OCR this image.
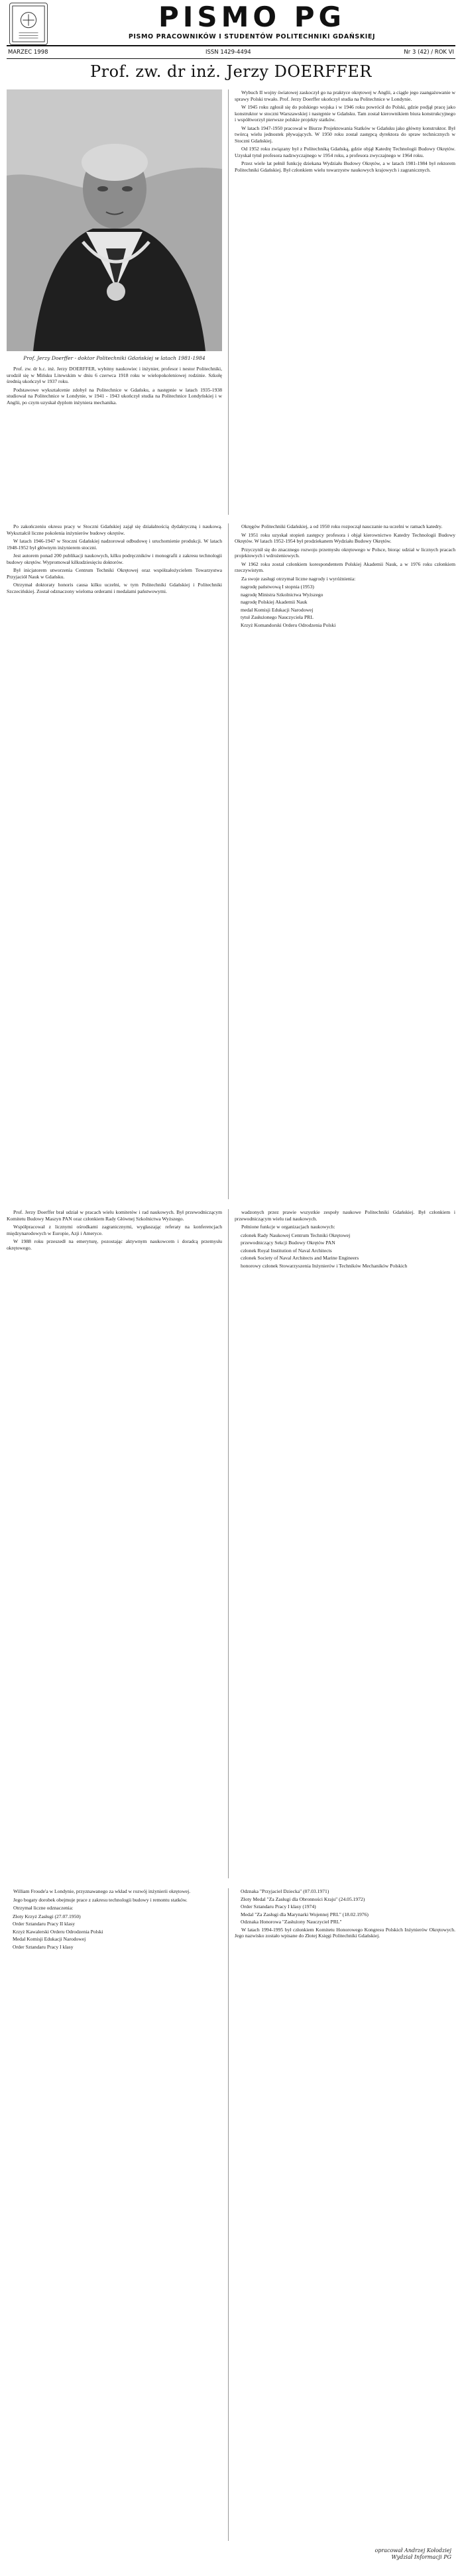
PISMO PG
PISMO PRACOWNIKÓW I STUDENTÓW POLITECHNIKI GDAŃSKIEJ
MARZEC 1998	ISSN 1429-4494	Nr 3 (42) / ROK VI
Prof. zw. dr inż. Jerzy DOERFFER
Prof. Jerzy Doerffer - doktor Politechniki Gdańskiej w latach 1981-1984

Prof. zw. dr h.c. inż. Jerzy DOERFFER, wybitny naukowiec i inżynier, profesor i nestor Politechniki, urodził się w Mińsku Litewskim w dniu 6 czerwca 1918 roku w wielopokoleniowej rodzinie. Szkołę średnią ukończył w 1937 roku.

Podstawowe wykształcenie zdobył na Politechnice w Gdańsku, a następnie w latach 1935-1938 studiował na Politechnice w Londynie, w 1941 - 1943 ukończył studia na Politechnice Londyńskiej i w Anglii, po czym uzyskał dyplom inżyniera mechanika.

Wybuch II wojny światowej zaskoczył go na praktyce okrętowej w Anglii, a ciągle jego zaangażowanie w sprawy Polski trwało. Prof. Jerzy Doerffer ukończył studia na Politechnice w Londynie.

W 1945 roku zgłosił się do polskiego wojska i w 1946 roku powrócił do Polski, gdzie podjął pracę jako konstruktor w stoczni Warszawskiej i następnie w Gdańsku. Tam został kierownikiem biura konstrukcyjnego i współtworzył pierwsze polskie projekty statków.

W latach 1947-1950 pracował w Biurze Projektowania Statków w Gdańsku jako główny konstruktor. Był twórcą wielu jednostek pływających. W 1950 roku został zastępcą dyrektora do spraw technicznych w Stoczni Gdańskiej.

Od 1952 roku związany był z Politechniką Gdańską, gdzie objął Katedrę Technologii Budowy Okrętów. Uzyskał tytuł profesora nadzwyczajnego w 1954 roku, a profesora zwyczajnego w 1964 roku.

Przez wiele lat pełnił funkcję dziekana Wydziału Budowy Okrętów, a w latach 1981-1984 był rektorem Politechniki Gdańskiej. Był członkiem wielu towarzystw naukowych krajowych i zagranicznych.

Po zakończeniu okresu pracy w Stoczni Gdańskiej zajął się działalnością dydaktyczną i naukową. Wykształcił liczne pokolenia inżynierów budowy okrętów.

W latach 1946-1947 w Stoczni Gdańskiej nadzorował odbudowę i uruchomienie produkcji. W latach 1948-1952 był głównym inżynierem stoczni.

Jest autorem ponad 200 publikacji naukowych, kilku podręczników i monografii z zakresu technologii budowy okrętów. Wypromował kilkudziesięciu doktorów.

Był inicjatorem utworzenia Centrum Techniki Okrętowej oraz współzałożycielem Towarzystwa Przyjaciół Nauk w Gdańsku.

Otrzymał doktoraty honoris causa kilku uczelni, w tym Politechniki Gdańskiej i Politechniki Szczecińskiej. Został odznaczony wieloma orderami i medalami państwowymi.

Okręgów Politechniki Gdańskiej, a od 1950 roku rozpoczął nauczanie na uczelni w ramach katedry.

W 1951 roku uzyskał stopień zastępcy profesora i objął kierownictwo Katedry Technologii Budowy Okrętów. W latach 1952-1954 był prodziekanem Wydziału Budowy Okrętów.

Przyczynił się do znacznego rozwoju przemysłu okrętowego w Polsce, biorąc udział w licznych pracach projektowych i wdrożeniowych.

W 1962 roku został członkiem korespondentem Polskiej Akademii Nauk, a w 1976 roku członkiem rzeczywistym.

Za swoje zasługi otrzymał liczne nagrody i wyróżnienia:

• nagrodę państwową I stopnia (1953)
• nagrodę Ministra Szkolnictwa Wyższego
• nagrodę Polskiej Akademii Nauk
• medal Komisji Edukacji Narodowej
• tytuł Zasłużonego Nauczyciela PRL
• Krzyż Komandorski Orderu Odrodzenia Polski

Prof. Jerzy Doerffer brał udział w pracach wielu komitetów i rad naukowych. Był przewodniczącym Komitetu Budowy Maszyn PAN oraz członkiem Rady Głównej Szkolnictwa Wyższego.

Współpracował z licznymi ośrodkami zagranicznymi, wygłaszając referaty na konferencjach międzynarodowych w Europie, Azji i Ameryce.

W 1988 roku przeszedł na emeryturę, pozostając aktywnym naukowcem i doradcą przemysłu okrętowego.

wadzonych przez prawie wszystkie zespoły naukowe Politechniki Gdańskiej. Był członkiem i przewodniczącym wielu rad naukowych.

Pełnione funkcje w organizacjach naukowych:

• członek Rady Naukowej Centrum Techniki Okrętowej
• przewodniczący Sekcji Budowy Okrętów PAN
• członek Royal Institution of Naval Architects
• członek Society of Naval Architects and Marine Engineers
• honorowy członek Stowarzyszenia Inżynierów i Techników Mechaników Polskich

William Froude'a w Londynie, przyznawanego za wkład w rozwój inżynierii okrętowej.

Jego bogaty dorobek obejmuje prace z zakresu technologii budowy i remontu statków.

Otrzymał liczne odznaczenia:

• Złoty Krzyż Zasługi (27.07.1950)
• Order Sztandaru Pracy II klasy
• Krzyż Kawalerski Orderu Odrodzenia Polski
• Medal Komisji Edukacji Narodowej
• Order Sztandaru Pracy I klasy
• Odznaka "Przyjaciel Dziecka" (07.03.1971)
• Złoty Medal "Za Zasługi dla Obronności Kraju" (24.05.1972)
• Order Sztandaru Pracy I klasy (1974)
• Medal "Za Zasługi dla Marynarki Wojennej PRL" (18.02.1976)
• Odznaka Honorowa "Zasłużony Nauczyciel PRL"

W latach 1994-1995 był członkiem Komitetu Honorowego Kongresu Polskich Inżynierów Okrętowych. Jego nazwisko zostało wpisane do Złotej Księgi Politechniki Gdańskiej.

opracował Andrzej Kołodziej
Wydział Informacji PG
